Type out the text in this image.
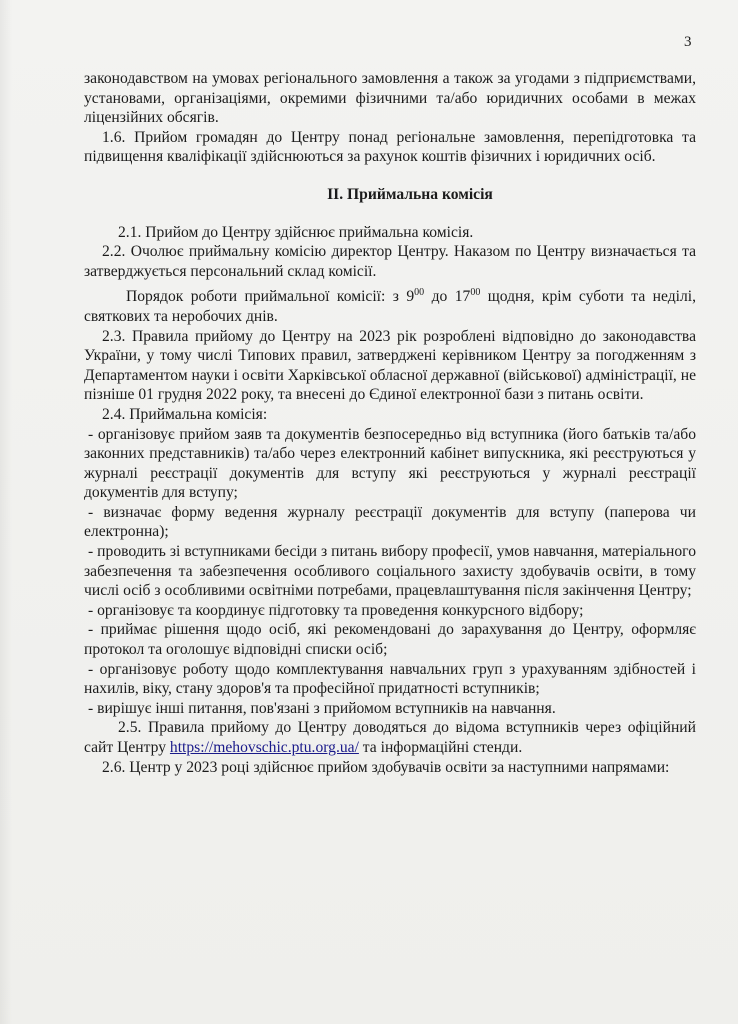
3

законодавством на умовах регіонального замовлення а також за угодами з підприємствами, установами, організаціями, окремими фізичними та/або юридичних особами в межах ліцензійних обсягів.

1.6. Прийом громадян до Центру понад регіональне замовлення, перепідготовка та підвищення кваліфікації здійснюються за рахунок коштів фізичних і юридичних осіб.

ІІ. Приймальна комісія

2.1. Прийом до Центру здійснює приймальна комісія.

2.2. Очолює приймальну комісію директор Центру. Наказом по Центру визначається та затверджується персональний склад комісії.

Порядок роботи приймальної комісії: з $9^{00}$ до $17^{00}$ щодня, крім суботи та неділі, святкових та неробочих днів.

2.3. Правила прийому до Центру на 2023 рік розроблені відповідно до законодавства України, у тому числі Типових правил, затверджені керівником Центру за погодженням з Департаментом науки і освіти Харківської обласної державної (військової) адміністрації, не пізніше 01 грудня 2022 року, та внесені до Єдиної електронної бази з питань освіти.

2.4. Приймальна комісія:

- організовує прийом заяв та документів безпосередньо від вступника (його батьків та/або законних представників) та/або через електронний кабінет випускника, які реєструються у журналі реєстрації документів для вступу які реєструються у журналі реєстрації документів для вступу;

- визначає форму ведення журналу реєстрації документів для вступу (паперова чи електронна);

- проводить зі вступниками бесіди з питань вибору професії, умов навчання, матеріального забезпечення та забезпечення особливого соціального захисту здобувачів освіти, в тому числі осіб з особливими освітніми потребами, працевлаштування після закінчення Центру;

- організовує та координує підготовку та проведення конкурсного відбору;

- приймає рішення щодо осіб, які рекомендовані до зарахування до Центру, оформляє протокол та оголошує відповідні списки осіб;

- організовує роботу щодо комплектування навчальних груп з урахуванням здібностей і нахилів, віку, стану здоров'я та професійної придатності вступників;

- вирішує інші питання, пов'язані з прийомом вступників на навчання.

2.5. Правила прийому до Центру доводяться до відома вступників через офіційний сайт Центру https://mehovschic.ptu.org.ua/ та інформаційні стенди.

2.6. Центр у 2023 році здійснює прийом здобувачів освіти за наступними напрямами:
